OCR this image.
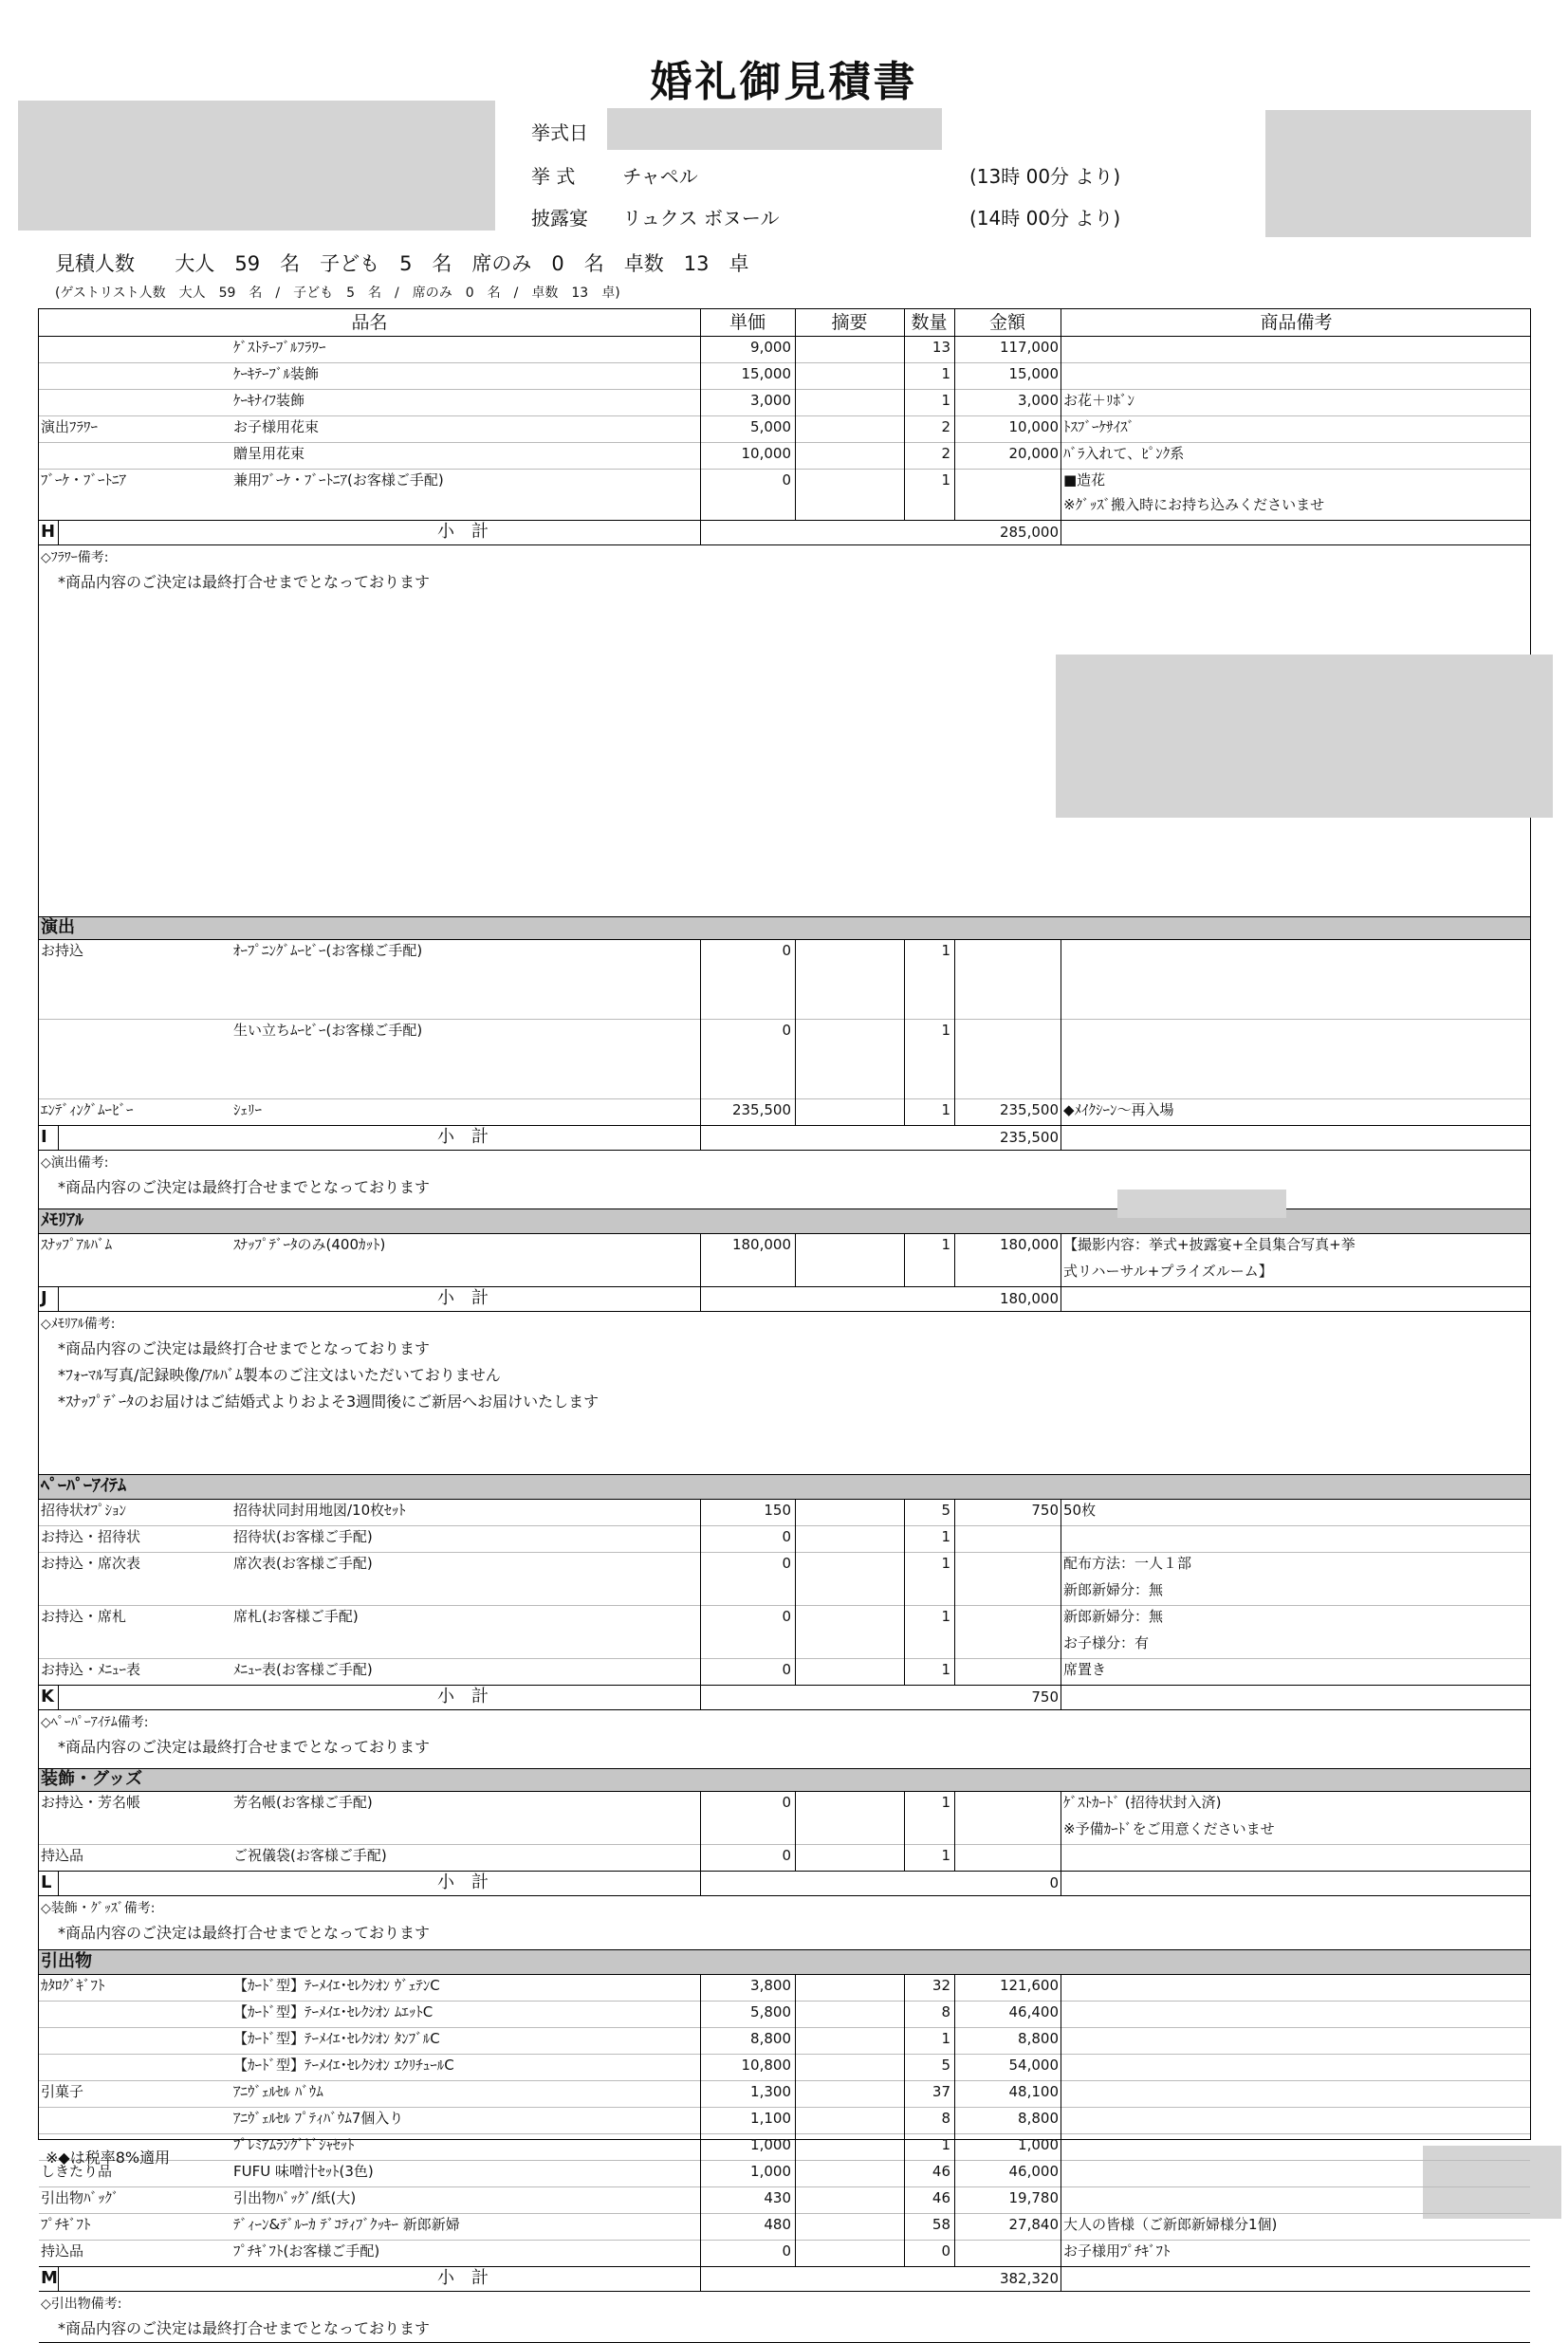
婚礼御見積書
挙式日
挙 式	チャペル	(13時 00分 より)
披露宴 リュクス ボヌール	(14時 00分 より)
見積人数 　 大人　59　名　子ども　5　名　席のみ　0　名　卓数　13　卓
(ゲストリスト人数　大人　59　名　/　子ども　5　名　/　席のみ　0　名　/　卓数　13　卓)
品名	単価	摘要	数量	金額	商品備考
ｹﾞｽﾄﾃｰﾌﾞﾙﾌﾗﾜｰ	9,000	13	117,000
ｹｰｷﾃｰﾌﾞﾙ装飾	15,000	1	15,000
ｹｰｷﾅｲﾌ装飾	3,000	1	3,000 お花＋ﾘﾎﾞﾝ
演出ﾌﾗﾜｰ	お子様用花束	5,000	2	10,000 ﾄｽﾌﾞｰｹｻｲｽﾞ
贈呈用花束	10,000	2	20,000 ﾊﾞﾗ入れて、ﾋﾟﾝｸ系
ﾌﾞｰｹ・ﾌﾞｰﾄﾆｱ	兼用ﾌﾞｰｹ・ﾌﾞｰﾄﾆｱ(お客様ご手配)	0	1	■造花
※ｸﾞｯｽﾞ搬入時にお持ち込みくださいませ
H	小　計	285,000
◇ﾌﾗﾜｰ備考:
*商品内容のご決定は最終打合せまでとなっております
演出
お持込	ｵｰﾌﾟﾆﾝｸﾞﾑｰﾋﾞｰ(お客様ご手配)	0	1
生い立ちﾑｰﾋﾞｰ(お客様ご手配)	0	1
ｴﾝﾃﾞｨﾝｸﾞﾑｰﾋﾞｰ	ｼｪﾘｰ	235,500	1	235,500 ◆ﾒｲｸｼｰﾝ～再入場
I	小　計	235,500
◇演出備考:
*商品内容のご決定は最終打合せまでとなっております
ﾒﾓﾘｱﾙ
ｽﾅｯﾌﾟｱﾙﾊﾞﾑ	ｽﾅｯﾌﾟﾃﾞｰﾀのみ(400ｶｯﾄ)	180,000	1	180,000 【撮影内容：挙式+披露宴+全員集合写真+挙
式リハーサル+プライズルーム】
J	小　計	180,000
◇ﾒﾓﾘｱﾙ備考:
*商品内容のご決定は最終打合せまでとなっております
*ﾌｫｰﾏﾙ写真/記録映像/ｱﾙﾊﾞﾑ製本のご注文はいただいておりません
*ｽﾅｯﾌﾟﾃﾞｰﾀのお届けはご結婚式よりおよそ3週間後にご新居へお届けいたします
ﾍﾟｰﾊﾟｰｱｲﾃﾑ
招待状ｵﾌﾟｼｮﾝ	招待状同封用地図/10枚ｾｯﾄ	150	5	750 50枚
お持込・招待状	招待状(お客様ご手配)	0	1
お持込・席次表	席次表(お客様ご手配)	0	1	配布方法：一人１部
新郎新婦分：無
お持込・席札	席札(お客様ご手配)	0	1	新郎新婦分：無
お子様分：有
お持込・ﾒﾆｭｰ表	ﾒﾆｭｰ表(お客様ご手配)	0	1	席置き
K	小　計	750
◇ﾍﾟｰﾊﾟｰｱｲﾃﾑ備考:
*商品内容のご決定は最終打合せまでとなっております
装飾・グッズ
お持込・芳名帳	芳名帳(お客様ご手配)	0	1	ｹﾞｽﾄｶｰﾄﾞ (招待状封入済)
※予備ｶｰﾄﾞをご用意くださいませ
持込品	ご祝儀袋(お客様ご手配)	0	1
L	小　計	0
◇装飾・ｸﾞｯｽﾞ備考:
*商品内容のご決定は最終打合せまでとなっております
引出物
ｶﾀﾛｸﾞｷﾞﾌﾄ	【ｶｰﾄﾞ型】ﾃｰﾒｲｴ･ｾﾚｸｼｵﾝ ｳﾞｪﾃﾝC	3,800	32	121,600
【ｶｰﾄﾞ型】ﾃｰﾒｲｴ･ｾﾚｸｼｵﾝ ﾑｴｯﾄC	5,800	8	46,400
【ｶｰﾄﾞ型】ﾃｰﾒｲｴ･ｾﾚｸｼｵﾝ ﾀﾝﾌﾞﾙC	8,800	1	8,800
【ｶｰﾄﾞ型】ﾃｰﾒｲｴ･ｾﾚｸｼｵﾝ ｴｸﾘﾁｭｰﾙC	10,800	5	54,000
引菓子	ｱﾆｳﾞｪﾙｾﾙ ﾊﾞｳﾑ	1,300	37	48,100
ｱﾆｳﾞｪﾙｾﾙ ﾌﾟﾃｨﾊﾞｳﾑ7個入り	1,100	8	8,800
ﾌﾟﾚﾐｱﾑﾗﾝｸﾞﾄﾞｼｬｾｯﾄ	1,000	1	1,000
しきたり品	FUFU 味噌汁ｾｯﾄ(3色)	1,000	46	46,000
引出物ﾊﾞｯｸﾞ	引出物ﾊﾞｯｸﾞ/紙(大)	430	46	19,780
ﾌﾟﾁｷﾞﾌﾄ	ﾃﾞｨｰﾝ&ﾃﾞﾙｰｶ ﾃﾞｺﾃｨﾌﾞｸｯｷｰ 新郎新婦	480	58	27,840 大人の皆様（ご新郎新婦様分1個)
持込品	ﾌﾟﾁｷﾞﾌﾄ(お客様ご手配)	0	0	お子様用ﾌﾟﾁｷﾞﾌﾄ
M	小　計	382,320
◇引出物備考:
*商品内容のご決定は最終打合せまでとなっております
※◆は税率8%適用
